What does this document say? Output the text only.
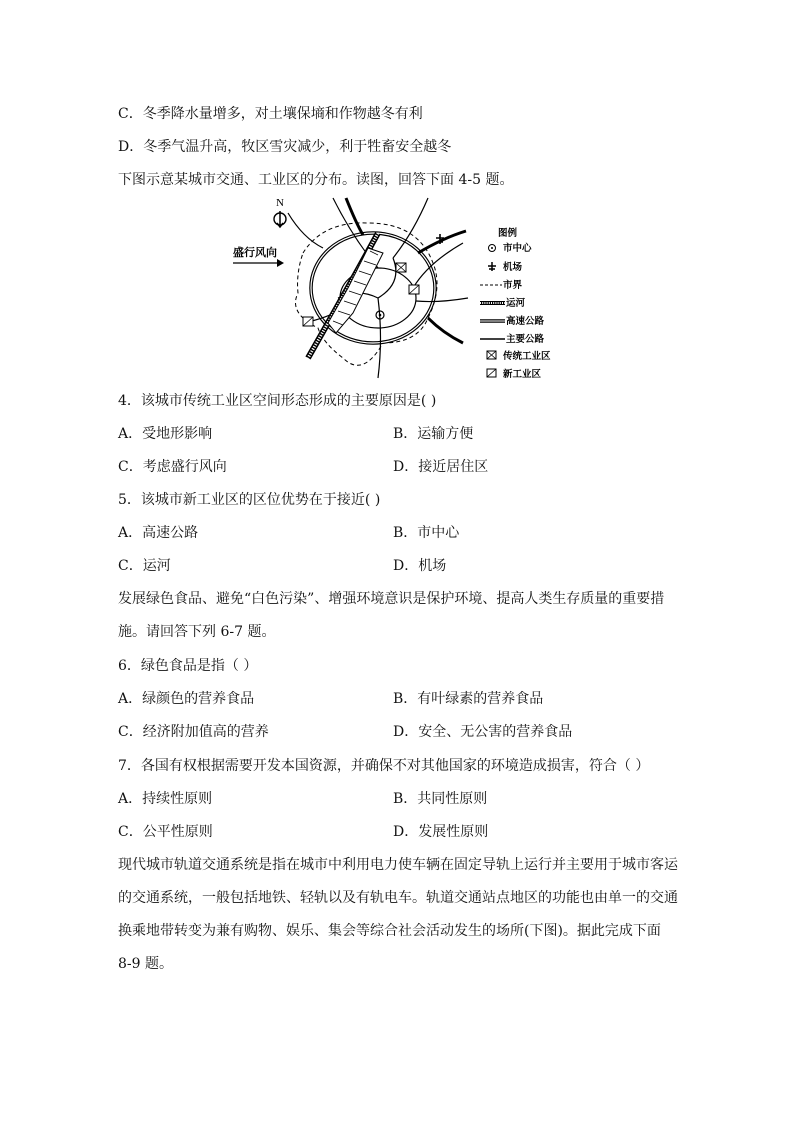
C．冬季降水量增多，对土壤保墒和作物越冬有利
D．冬季气温升高，牧区雪灾减少，利于牲畜安全越冬
下图示意某城市交通、工业区的分布。读图，回答下面 4-5 题。
N
盛行风向
图例
市中心
机场
市界
运河
高速公路
主要公路
传统工业区
新工业区
4．该城市传统工业区空间形态形成的主要原因是( )
A．受地形影响	B．运输方便
C．考虑盛行风向	D．接近居住区
5．该城市新工业区的区位优势在于接近( )
A．高速公路	B．市中心
C．运河	D．机场
发展绿色食品、避免“白色污染”、增强环境意识是保护环境、提高人类生存质量的重要措施。请回答下列 6-7 题。
6．绿色食品是指（ ）
A．绿颜色的营养食品	B．有叶绿素的营养食品
C．经济附加值高的营养	D．安全、无公害的营养食品
7．各国有权根据需要开发本国资源，并确保不对其他国家的环境造成损害，符合（ ）
A．持续性原则	B．共同性原则
C．公平性原则	D．发展性原则
现代城市轨道交通系统是指在城市中利用电力使车辆在固定导轨上运行并主要用于城市客运的交通系统，一般包括地铁、轻轨以及有轨电车。轨道交通站点地区的功能也由单一的交通换乘地带转变为兼有购物、娱乐、集会等综合社会活动发生的场所(下图)。据此完成下面 8-9 题。
